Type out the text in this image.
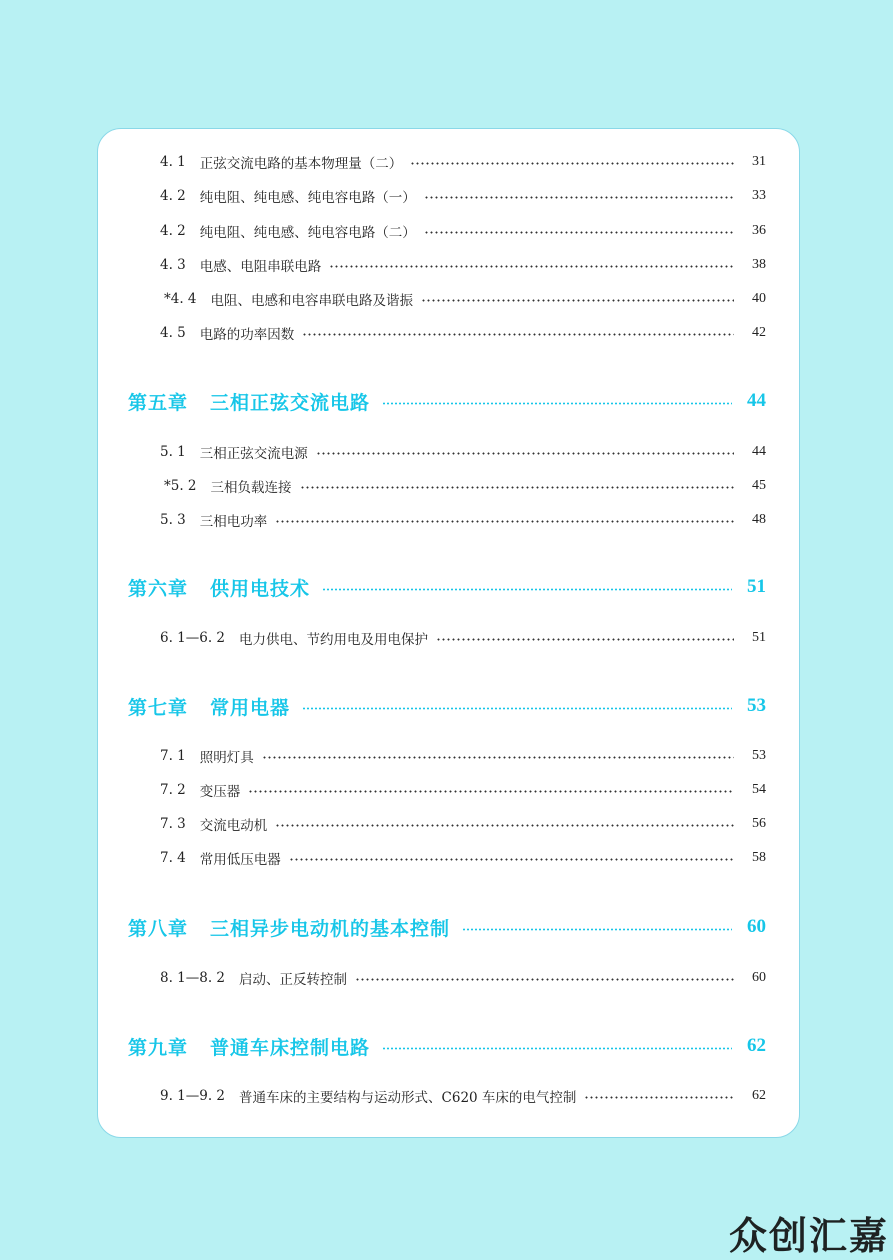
4. 1 正弦交流电路的基本物理量（二）	31
4. 2 纯电阻、纯电感、纯电容电路（一）	33
4. 2 纯电阻、纯电感、纯电容电路（二）	36
4. 3 电感、电阻串联电路	38
*4. 4 电阻、电感和电容串联电路及谐振	40
4. 5 电路的功率因数	42
第五章 三相正弦交流电路	44
5. 1 三相正弦交流电源	44
*5. 2 三相负载连接	45
5. 3 三相电功率	48
第六章 供用电技术	51
6. 1—6. 2 电力供电、节约用电及用电保护	51
第七章 常用电器	53
7. 1 照明灯具	53
7. 2 变压器	54
7. 3 交流电动机	56
7. 4 常用低压电器	58
第八章 三相异步电动机的基本控制	60
8. 1—8. 2 启动、正反转控制	60
第九章 普通车床控制电路	62
9. 1—9. 2 普通车床的主要结构与运动形式、C620 车床的电气控制	62
众创汇嘉
